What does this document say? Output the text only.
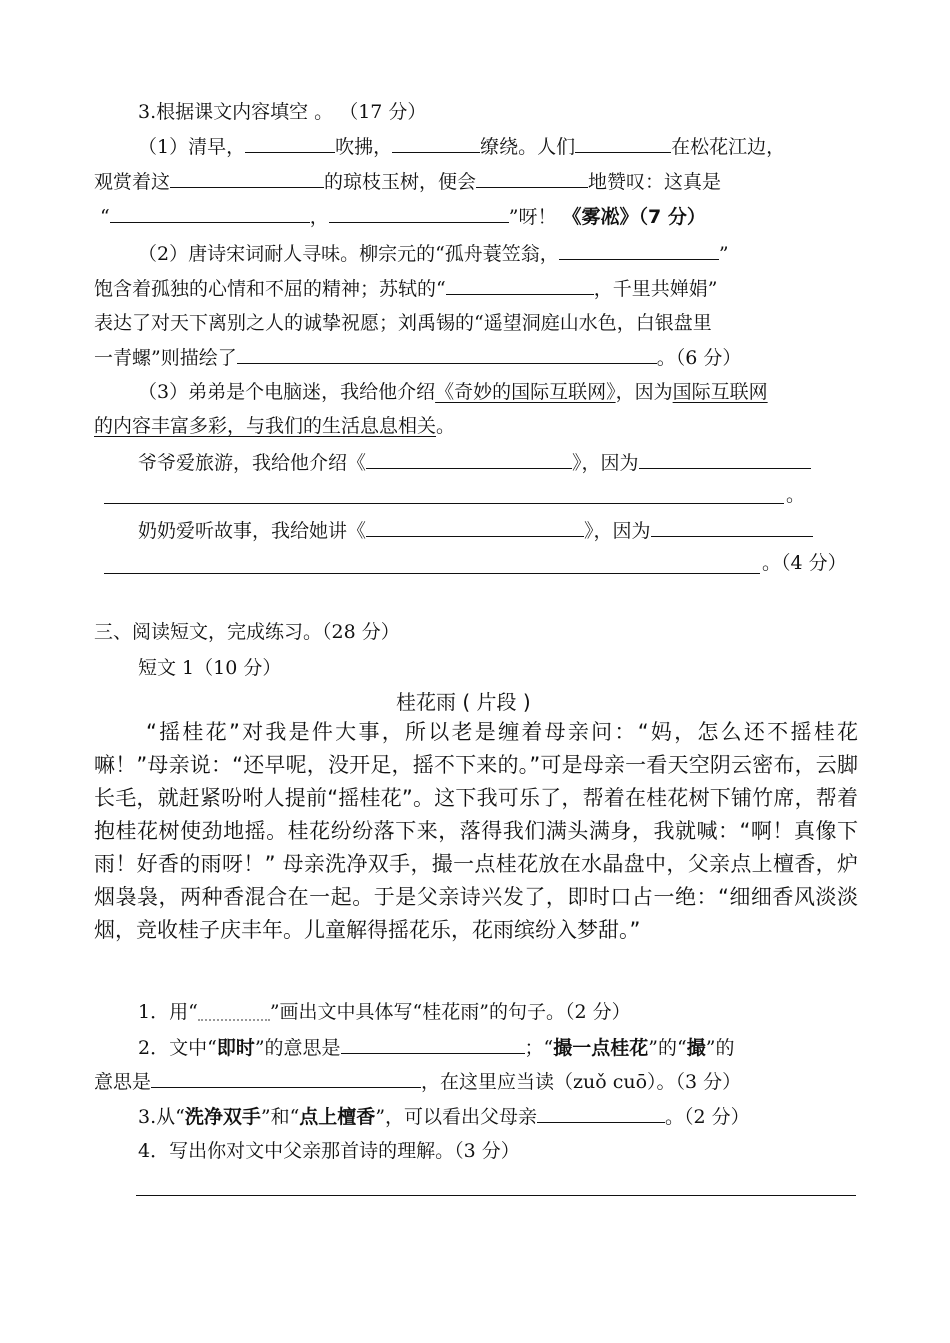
3.根据课文内容填空 。 （17 分）
（1）清早，	吹拂，	缭绕。人们	在松花江边，
观赏着这	的琼枝玉树，便会	地赞叹：这真是
“	，	”呀！ 《雾凇》（7 分）
（2）唐诗宋词耐人寻味。柳宗元的“孤舟蓑笠翁，	”
饱含着孤独的心情和不屈的精神；苏轼的“	，千里共婵娟”
表达了对天下离别之人的诚挚祝愿；刘禹锡的“遥望洞庭山水色，白银盘里
一青螺”则描绘了	。（6 分）
（3）弟弟是个电脑迷，我给他介绍《奇妙的国际互联网》，因为国际互联网
的内容丰富多彩，与我们的生活息息相关。
爷爷爱旅游，我给他介绍《	》，因为
。
奶奶爱听故事，我给她讲《	》，因为
。（4 分）
三、阅读短文，完成练习。（28 分）
短文 1（10 分）
桂花雨 ( 片段 )
“摇桂花”对我是件大事，所以老是缠着母亲问：“妈，怎么还不摇桂花嘛！”母亲说：“还早呢，没开足，摇不下来的。”可是母亲一看天空阴云密布，云脚长毛，就赶紧吩咐人提前“摇桂花”。这下我可乐了，帮着在桂花树下铺竹席，帮着抱桂花树使劲地摇。桂花纷纷落下来，落得我们满头满身，我就喊：“啊！真像下雨！好香的雨呀！” 母亲洗净双手，撮一点桂花放在水晶盘中，父亲点上檀香，炉烟袅袅，两种香混合在一起。于是父亲诗兴发了，即时口占一绝：“细细香风淡淡烟，竞收桂子庆丰年。儿童解得摇花乐，花雨缤纷入梦甜。”
1．用“	”画出文中具体写“桂花雨”的句子。（2 分）
2．文中“即时”的意思是	；“撮一点桂花”的“撮”的
意思是	，在这里应当读（zuǒ cuō）。（3 分）
3.从“洗净双手”和“点上檀香”，可以看出父母亲	。（2 分）
4．写出你对文中父亲那首诗的理解。（3 分）
